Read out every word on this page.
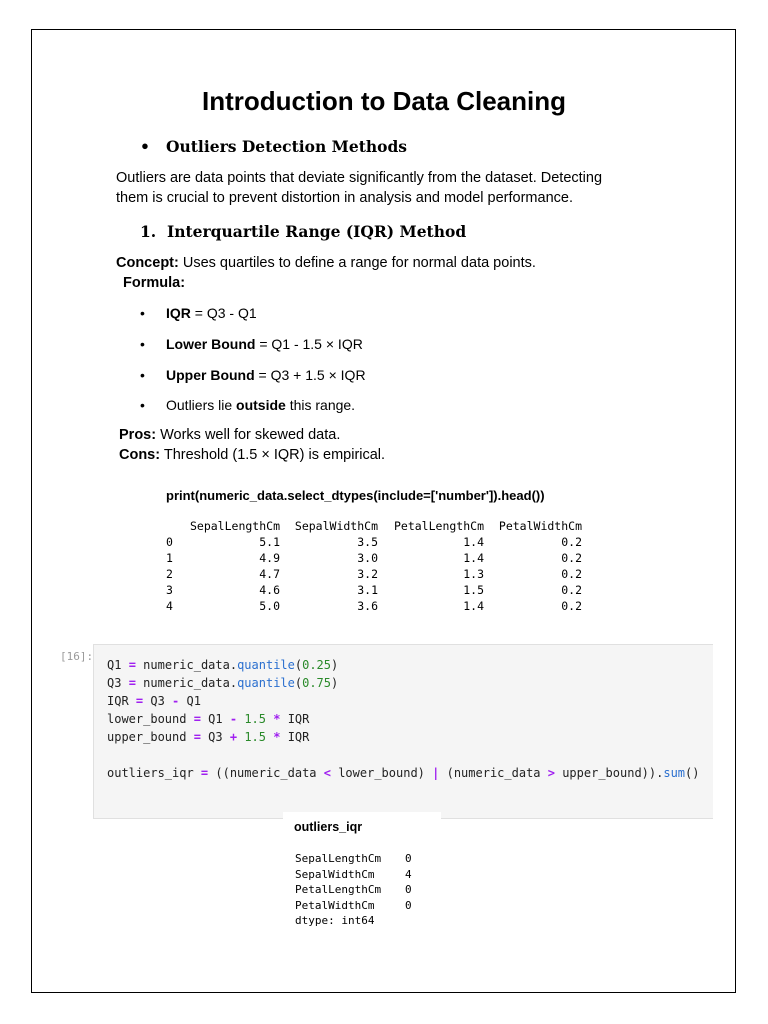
Introduction to Data Cleaning
• Outliers Detection Methods

Outliers are data points that deviate significantly from the dataset. Detecting

them is crucial to prevent distortion in analysis and model performance.

1.  Interquartile Range (IQR) Method

Concept: Uses quartiles to define a range for normal data points.

Formula:

• IQR = Q3 - Q1
• Lower Bound = Q1 - 1.5 × IQR
• Upper Bound = Q3 + 1.5 × IQR
• Outliers lie outside this range.

Pros: Works well for skewed data.

Cons: Threshold (1.5 × IQR) is empirical.

print(numeric_data.select_dtypes(include=['number']).head())
	SepalLengthCm	SepalWidthCm	PetalLengthCm	PetalWidthCm
0	5.1	3.5	1.4	0.2
1	4.9	3.0	1.4	0.2
2	4.7	3.2	1.3	0.2
3	4.6	3.1	1.5	0.2
4	5.0	3.6	1.4	0.2
[16]:
Q1 = numeric_data.quantile(0.25)
Q3 = numeric_data.quantile(0.75)
IQR = Q3 - Q1
lower_bound = Q1 - 1.5 * IQR
upper_bound = Q3 + 1.5 * IQR

outliers_iqr = ((numeric_data < lower_bound) | (numeric_data > upper_bound)).sum()
outliers_iqr
SepalLengthCm	0
SepalWidthCm	4
PetalLengthCm	0
PetalWidthCm	0
dtype: int64	
